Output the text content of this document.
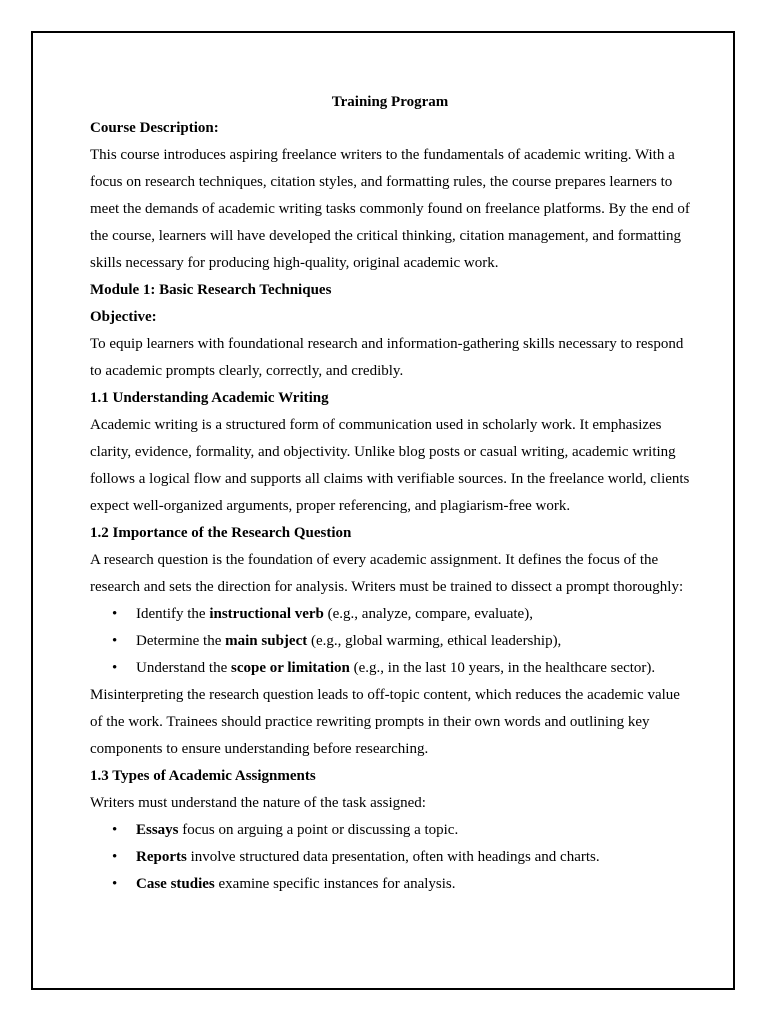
Training Program

Course Description:

This course introduces aspiring freelance writers to the fundamentals of academic writing. With a focus on research techniques, citation styles, and formatting rules, the course prepares learners to meet the demands of academic writing tasks commonly found on freelance platforms. By the end of the course, learners will have developed the critical thinking, citation management, and formatting skills necessary for producing high-quality, original academic work.

Module 1: Basic Research Techniques

Objective:

To equip learners with foundational research and information-gathering skills necessary to respond to academic prompts clearly, correctly, and credibly.

1.1 Understanding Academic Writing

Academic writing is a structured form of communication used in scholarly work. It emphasizes clarity, evidence, formality, and objectivity. Unlike blog posts or casual writing, academic writing follows a logical flow and supports all claims with verifiable sources. In the freelance world, clients expect well-organized arguments, proper referencing, and plagiarism-free work.

1.2 Importance of the Research Question

A research question is the foundation of every academic assignment. It defines the focus of the research and sets the direction for analysis. Writers must be trained to dissect a prompt thoroughly:

• Identify the instructional verb (e.g., analyze, compare, evaluate),
• Determine the main subject (e.g., global warming, ethical leadership),
• Understand the scope or limitation (e.g., in the last 10 years, in the healthcare sector).

Misinterpreting the research question leads to off-topic content, which reduces the academic value of the work. Trainees should practice rewriting prompts in their own words and outlining key components to ensure understanding before researching.

1.3 Types of Academic Assignments

Writers must understand the nature of the task assigned:

• Essays focus on arguing a point or discussing a topic.
• Reports involve structured data presentation, often with headings and charts.
• Case studies examine specific instances for analysis.
